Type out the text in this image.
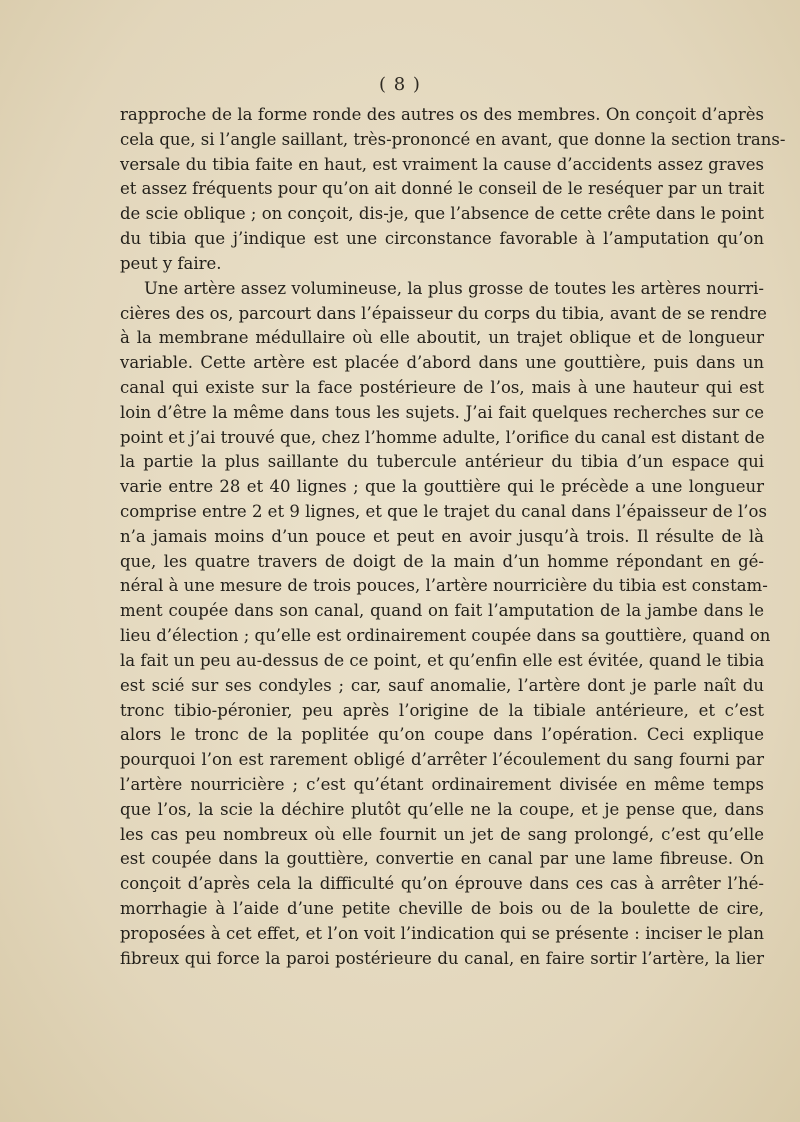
( 8 )
rapproche de la forme ronde des autres os des membres. On conçoit d’après
cela que, si l’angle saillant, très-prononcé en avant, que donne la section trans-
versale du tibia faite en haut, est vraiment la cause d’accidents assez graves
et assez fréquents pour qu’on ait donné le conseil de le reséquer par un trait
de scie oblique ; on conçoit, dis-je, que l’absence de cette crête dans le point
du tibia que j’indique est une circonstance favorable à l’amputation qu’on
peut y faire.
Une artère assez volumineuse, la plus grosse de toutes les artères nourri-
cières des os, parcourt dans l’épaisseur du corps du tibia, avant de se rendre
à la membrane médullaire où elle aboutit, un trajet oblique et de longueur
variable. Cette artère est placée d’abord dans une gouttière, puis dans un
canal qui existe sur la face postérieure de l’os, mais à une hauteur qui est
loin d’être la même dans tous les sujets. J’ai fait quelques recherches sur ce
point et j’ai trouvé que, chez l’homme adulte, l’orifice du canal est distant de
la partie la plus saillante du tubercule antérieur du tibia d’un espace qui
varie entre 28 et 40 lignes ; que la gouttière qui le précède a une longueur
comprise entre 2 et 9 lignes, et que le trajet du canal dans l’épaisseur de l’os
n’a jamais moins d’un pouce et peut en avoir jusqu’à trois. Il résulte de là
que, les quatre travers de doigt de la main d’un homme répondant en gé-
néral à une mesure de trois pouces, l’artère nourricière du tibia est constam-
ment coupée dans son canal, quand on fait l’amputation de la jambe dans le
lieu d’élection ; qu’elle est ordinairement coupée dans sa gouttière, quand on
la fait un peu au-dessus de ce point, et qu’enfin elle est évitée, quand le tibia
est scié sur ses condyles ; car, sauf anomalie, l’artère dont je parle naît du
tronc tibio-péronier, peu après l’origine de la tibiale antérieure, et c’est
alors le tronc de la poplitée qu’on coupe dans l’opération. Ceci explique
pourquoi l’on est rarement obligé d’arrêter l’écoulement du sang fourni par
l’artère nourricière ; c’est qu’étant ordinairement divisée en même temps
que l’os, la scie la déchire plutôt qu’elle ne la coupe, et je pense que, dans
les cas peu nombreux où elle fournit un jet de sang prolongé, c’est qu’elle
est coupée dans la gouttière, convertie en canal par une lame fibreuse. On
conçoit d’après cela la difficulté qu’on éprouve dans ces cas à arrêter l’hé-
morrhagie à l’aide d’une petite cheville de bois ou de la boulette de cire,
proposées à cet effet, et l’on voit l’indication qui se présente : inciser le plan
fibreux qui force la paroi postérieure du canal, en faire sortir l’artère, la lier
